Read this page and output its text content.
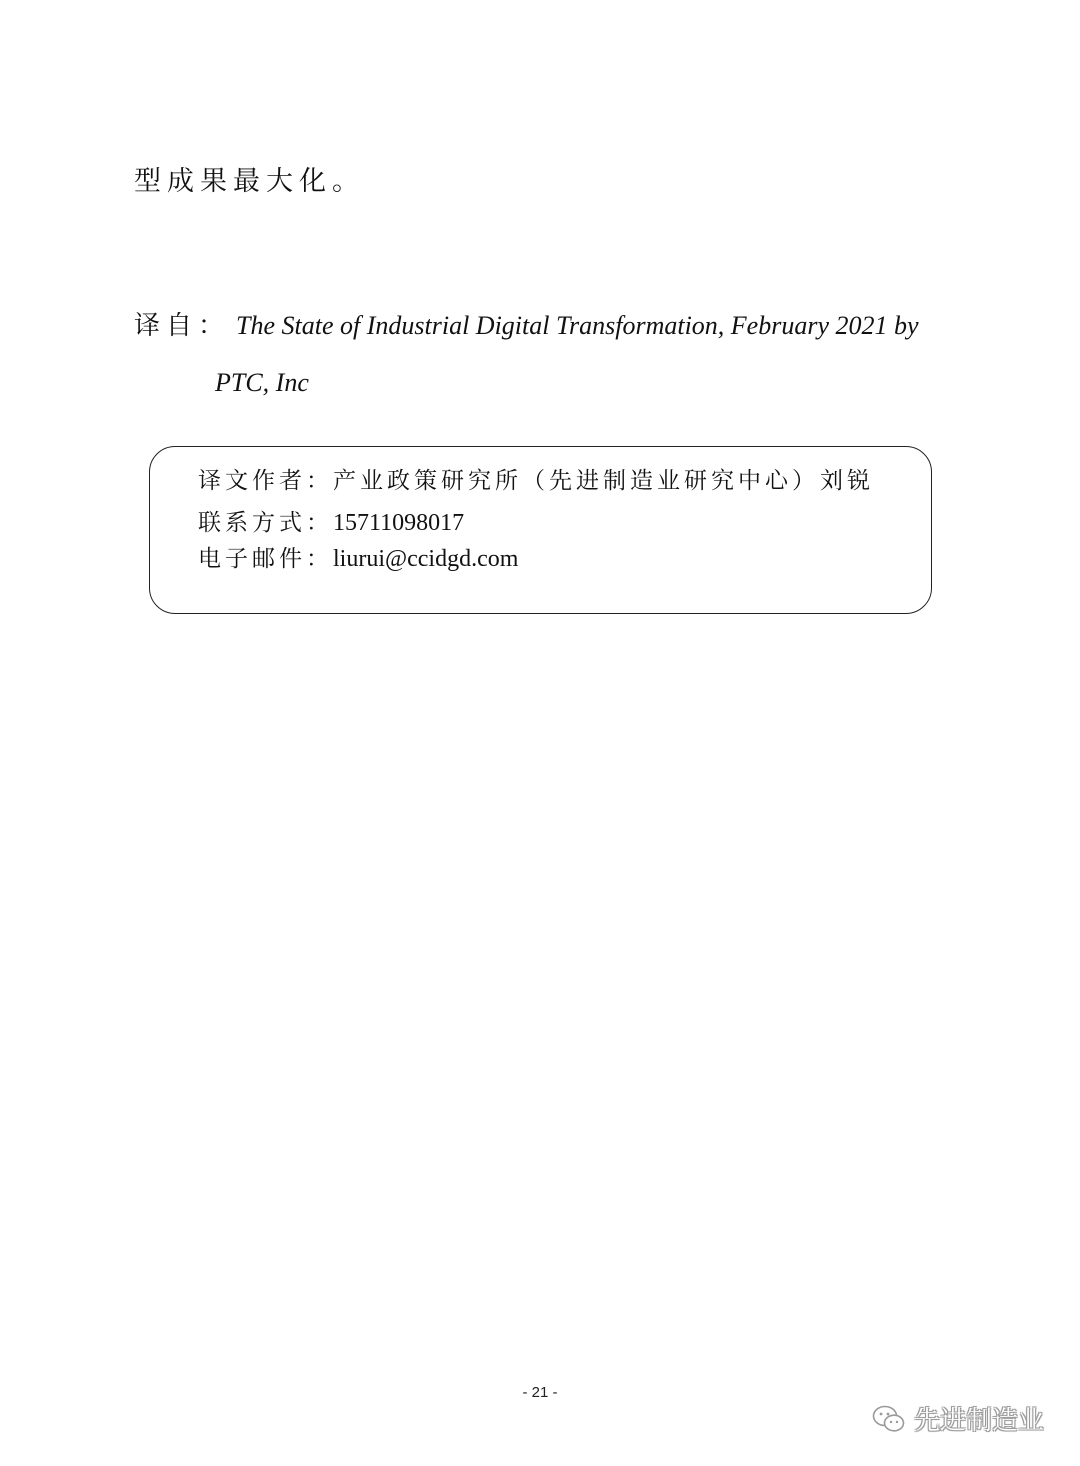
型成果最大化。
译自： The State of Industrial Digital Transformation, February 2021 by
PTC, Inc
译文作者：产业政策研究所（先进制造业研究中心） 刘锐
联系方式：15711098017
电子邮件：liurui@ccidgd.com
- 21 -
先进制造业
